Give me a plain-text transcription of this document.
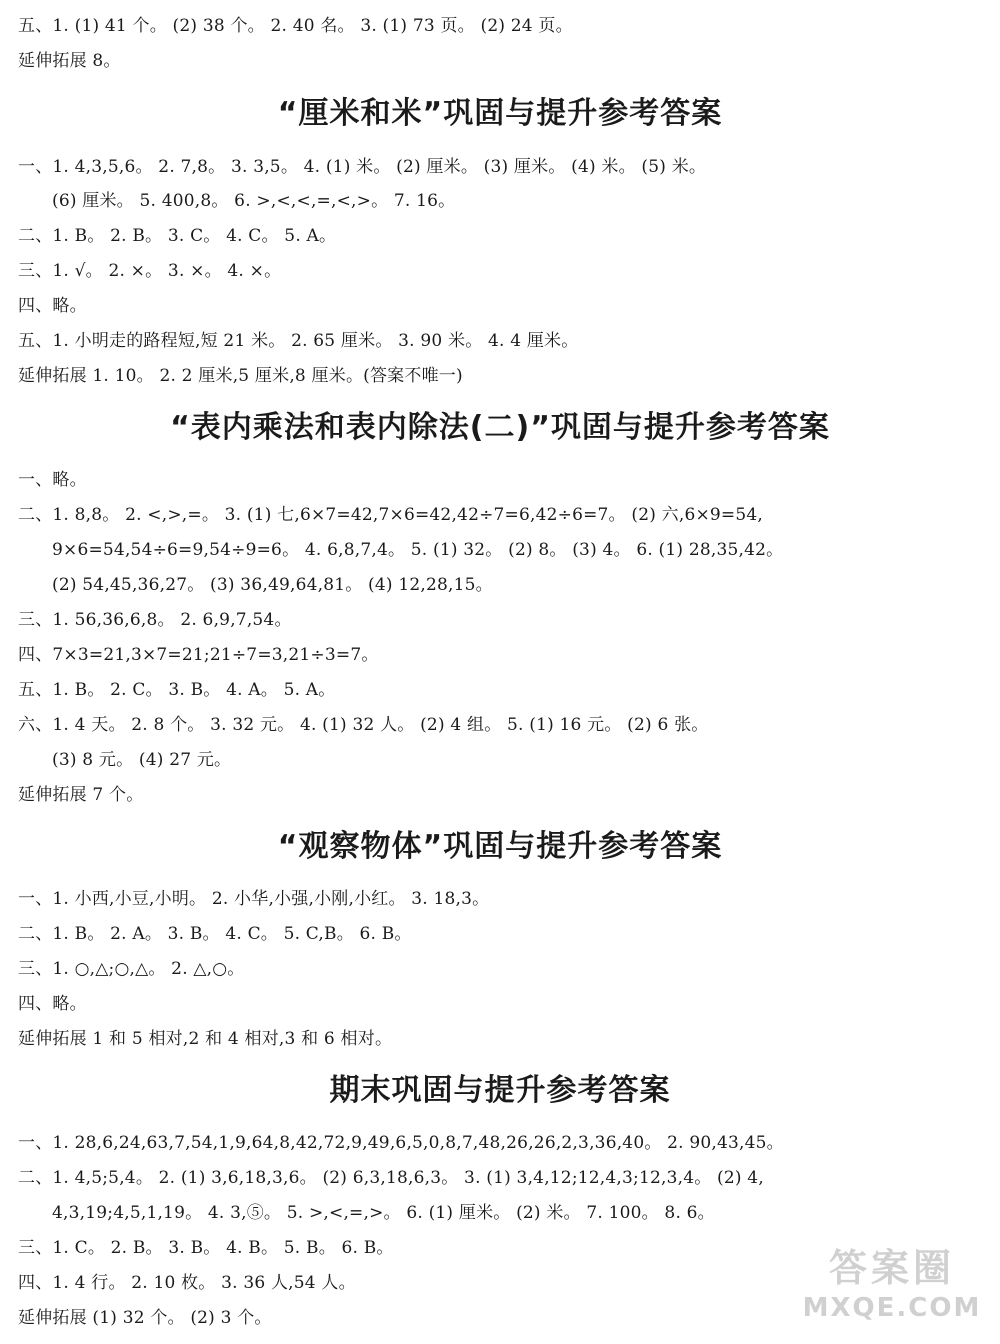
五、1. (1) 41 个。 (2) 38 个。 2. 40 名。 3. (1) 73 页。 (2) 24 页。
延伸拓展 8。
“厘米和米”巩固与提升参考答案
一、1. 4,3,5,6。 2. 7,8。 3. 3,5。 4. (1) 米。 (2) 厘米。 (3) 厘米。 (4) 米。 (5) 米。
(6) 厘米。 5. 400,8。 6. >,<,<,=,<,>。 7. 16。
二、1. B。 2. B。 3. C。 4. C。 5. A。
三、1. √。 2. ×。 3. ×。 4. ×。
四、略。
五、1. 小明走的路程短,短 21 米。 2. 65 厘米。 3. 90 米。 4. 4 厘米。
延伸拓展 1. 10。 2. 2 厘米,5 厘米,8 厘米。(答案不唯一)
“表内乘法和表内除法(二)”巩固与提升参考答案
一、略。
二、1. 8,8。 2. <,>,=。 3. (1) 七,6×7=42,7×6=42,42÷7=6,42÷6=7。 (2) 六,6×9=54,
9×6=54,54÷6=9,54÷9=6。 4. 6,8,7,4。 5. (1) 32。 (2) 8。 (3) 4。 6. (1) 28,35,42。
(2) 54,45,36,27。 (3) 36,49,64,81。 (4) 12,28,15。
三、1. 56,36,6,8。 2. 6,9,7,54。
四、7×3=21,3×7=21;21÷7=3,21÷3=7。
五、1. B。 2. C。 3. B。 4. A。 5. A。
六、1. 4 天。 2. 8 个。 3. 32 元。 4. (1) 32 人。 (2) 4 组。 5. (1) 16 元。 (2) 6 张。
(3) 8 元。 (4) 27 元。
延伸拓展 7 个。
“观察物体”巩固与提升参考答案
一、1. 小西,小豆,小明。 2. 小华,小强,小刚,小红。 3. 18,3。
二、1. B。 2. A。 3. B。 4. C。 5. C,B。 6. B。
三、1. ○,△;○,△。 2. △,○。
四、略。
延伸拓展 1 和 5 相对,2 和 4 相对,3 和 6 相对。
期末巩固与提升参考答案
一、1. 28,6,24,63,7,54,1,9,64,8,42,72,9,49,6,5,0,8,7,48,26,26,2,3,36,40。 2. 90,43,45。
二、1. 4,5;5,4。 2. (1) 3,6,18,3,6。 (2) 6,3,18,6,3。 3. (1) 3,4,12;12,4,3;12,3,4。 (2) 4,
4,3,19;4,5,1,19。 4. 3,⑤。 5. >,<,=,>。 6. (1) 厘米。 (2) 米。 7. 100。 8. 6。
三、1. C。 2. B。 3. B。 4. B。 5. B。 6. B。
四、1. 4 行。 2. 10 枚。 3. 36 人,54 人。
延伸拓展 (1) 32 个。 (2) 3 个。
答案圈
MXQE.COM
